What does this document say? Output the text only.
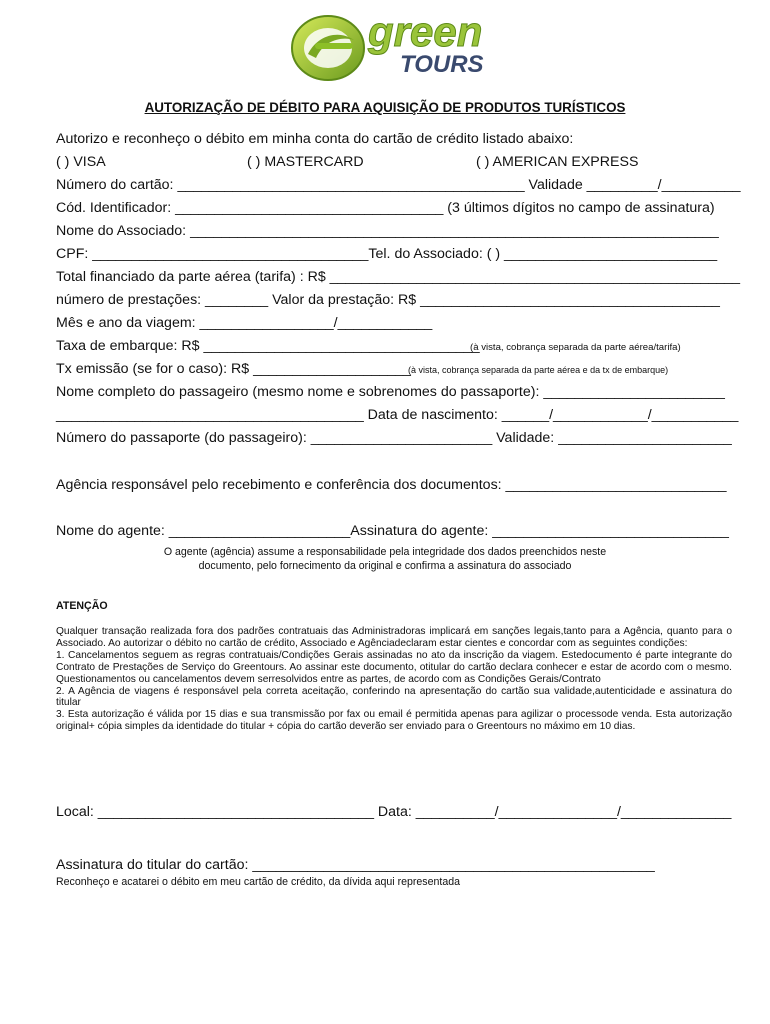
green
TOURS
AUTORIZAÇÃO DE DÉBITO PARA AQUISIÇÃO DE PRODUTOS TURÍSTICOS
Autorizo e reconheço o débito em minha conta do cartão de crédito listado abaixo:
( ) VISA	( ) MASTERCARD	( ) AMERICAN EXPRESS
Número do cartão: ____________________________________________ Validade _________/__________
Cód. Identificador: __________________________________ (3 últimos dígitos no campo de assinatura)
Nome do Associado: ___________________________________________________________________
CPF: ___________________________________Tel. do Associado: ( ) ___________________________
Total financiado da parte aérea (tarifa) : R$ ____________________________________________________
número de prestações: ________ Valor da prestação: R$ ______________________________________
Mês e ano da viagem: _________________/____________
Taxa de embarque: R$ ___________________________________
(à vista, cobrança separada da parte aérea/tarifa)
Tx emissão (se for o caso): R$ ____________________
(à vista, cobrança separada da parte aérea e da tx de embarque)
Nome completo do passageiro (mesmo nome e sobrenomes do passaporte): _______________________
_______________________________________ Data de nascimento: ______/____________/___________
Número do passaporte (do passageiro): _______________________ Validade: ______________________
Agência responsável pelo recebimento e conferência dos documentos: ____________________________
Nome do agente: _______________________Assinatura do agente: ______________________________
O agente (agência) assume a responsabilidade pela integridade dos dados preenchidos neste
documento, pelo fornecimento da original e confirma a assinatura do associado
ATENÇÃO

Qualquer transação realizada fora dos padrões contratuais das Administradoras implicará em sanções legais,tanto para a Agência, quanto para o Associado. Ao autorizar o débito no cartão de crédito, Associado e Agênciadeclaram estar cientes e concordar com as seguintes condições:

1. Cancelamentos seguem as regras contratuais/Condições Gerais assinadas no ato da inscrição da viagem. Estedocumento é parte integrante do Contrato de Prestações de Serviço do Greentours. Ao assinar este documento, otitular do cartão declara conhecer e estar de acordo com o mesmo. Questionamentos ou cancelamentos devem serresolvidos entre as partes, de acordo com as Condições Gerais/Contrato

2. A Agência de viagens é responsável pela correta aceitação, conferindo na apresentação do cartão sua validade,autenticidade e assinatura do titular

3. Esta autorização é válida por 15 dias e sua transmissão por fax ou email é permitida apenas para agilizar o processode venda. Esta autorização original+ cópia simples da identidade do titular + cópia do cartão deverão ser enviado para o Greentours no máximo em 10 dias.

Local: ___________________________________ Data: __________/_______________/______________
Assinatura do titular do cartão: ___________________________________________________
Reconheço e acatarei o débito em meu cartão de crédito, da dívida aqui representada
